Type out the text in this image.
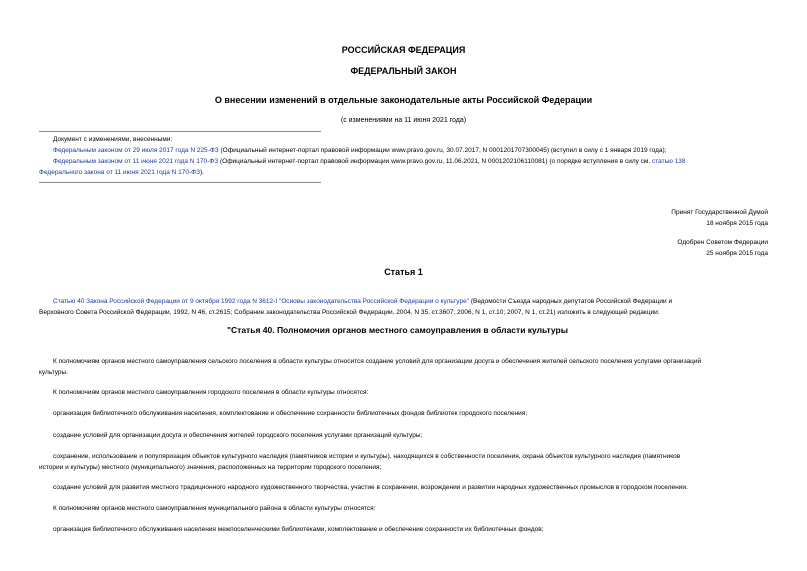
РОССИЙСКАЯ ФЕДЕРАЦИЯ
ФЕДЕРАЛЬНЫЙ ЗАКОН
О внесении изменений в отдельные законодательные акты Российской Федерации
(с изменениями на 11 июня 2021 года)
Документ с изменениями, внесенными:
Федеральным законом от 29 июля 2017 года N 225-ФЗ (Официальный интернет-портал правовой информации www.pravo.gov.ru, 30.07.2017, N 0001201707300045) (вступил в силу с 1 января 2019 года);
Федеральным законом от 11 июня 2021 года N 170-ФЗ (Официальный интернет-портал правовой информации www.pravo.gov.ru, 11.06.2021, N 0001202106110081) (о порядке вступления в силу см. статью 138
Федерального закона от 11 июня 2021 года N 170-ФЗ).
Принят Государственной Думой
18 ноября 2015 года
Одобрен Советом Федерации
25 ноября 2015 года
Статья 1
Статью 40 Закона Российской Федерации от 9 октября 1992 года N 3612-I "Основы законодательства Российской Федерации о культуре" (Ведомости Съезда народных депутатов Российской Федерации и
Верховного Совета Российской Федерации, 1992, N 46, ст.2615; Собрание законодательства Российской Федерации, 2004, N 35, ст.3607; 2006, N 1, ст.10; 2007, N 1, ст.21) изложить в следующей редакции:
"Статья 40. Полномочия органов местного самоуправления в области культуры
К полномочиям органов местного самоуправления сельского поселения в области культуры относится создание условий для организации досуга и обеспечения жителей сельского поселения услугами организаций
культуры.
К полномочиям органов местного самоуправления городского поселения в области культуры относятся:
организация библиотечного обслуживания населения, комплектование и обеспечение сохранности библиотечных фондов библиотек городского поселения;
создание условий для организации досуга и обеспечения жителей городского поселения услугами организаций культуры;
сохранение, использование и популяризация объектов культурного наследия (памятников истории и культуры), находящихся в собственности поселения, охрана объектов культурного наследия (памятников
истории и культуры) местного (муниципального) значения, расположенных на территории городского поселения;
создание условий для развития местного традиционного народного художественного творчества, участие в сохранении, возрождении и развитии народных художественных промыслов в городском поселении.
К полномочиям органов местного самоуправления муниципального района в области культуры относятся:
организация библиотечного обслуживания населения межпоселенческими библиотеками, комплектование и обеспечение сохранности их библиотечных фондов;
